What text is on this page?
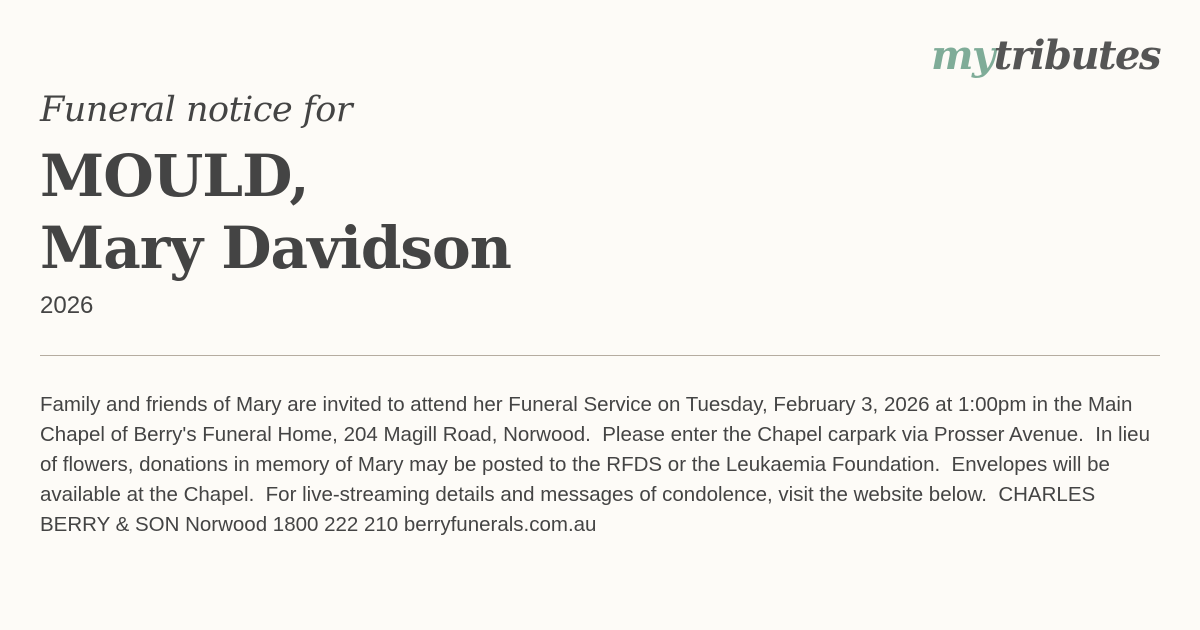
mytributes
Funeral notice for
MOULD,
Mary Davidson
2026
Family and friends of Mary are invited to attend her Funeral Service on Tuesday, February 3, 2026 at 1:00pm in the Main Chapel of Berry's Funeral Home, 204 Magill Road, Norwood.  Please enter the Chapel carpark via Prosser Avenue.  In lieu of flowers, donations in memory of Mary may be posted to the RFDS or the Leukaemia Foundation.  Envelopes will be available at the Chapel.  For live-streaming details and messages of condolence, visit the website below.  CHARLES BERRY & SON Norwood 1800 222 210 berryfunerals.com.au
